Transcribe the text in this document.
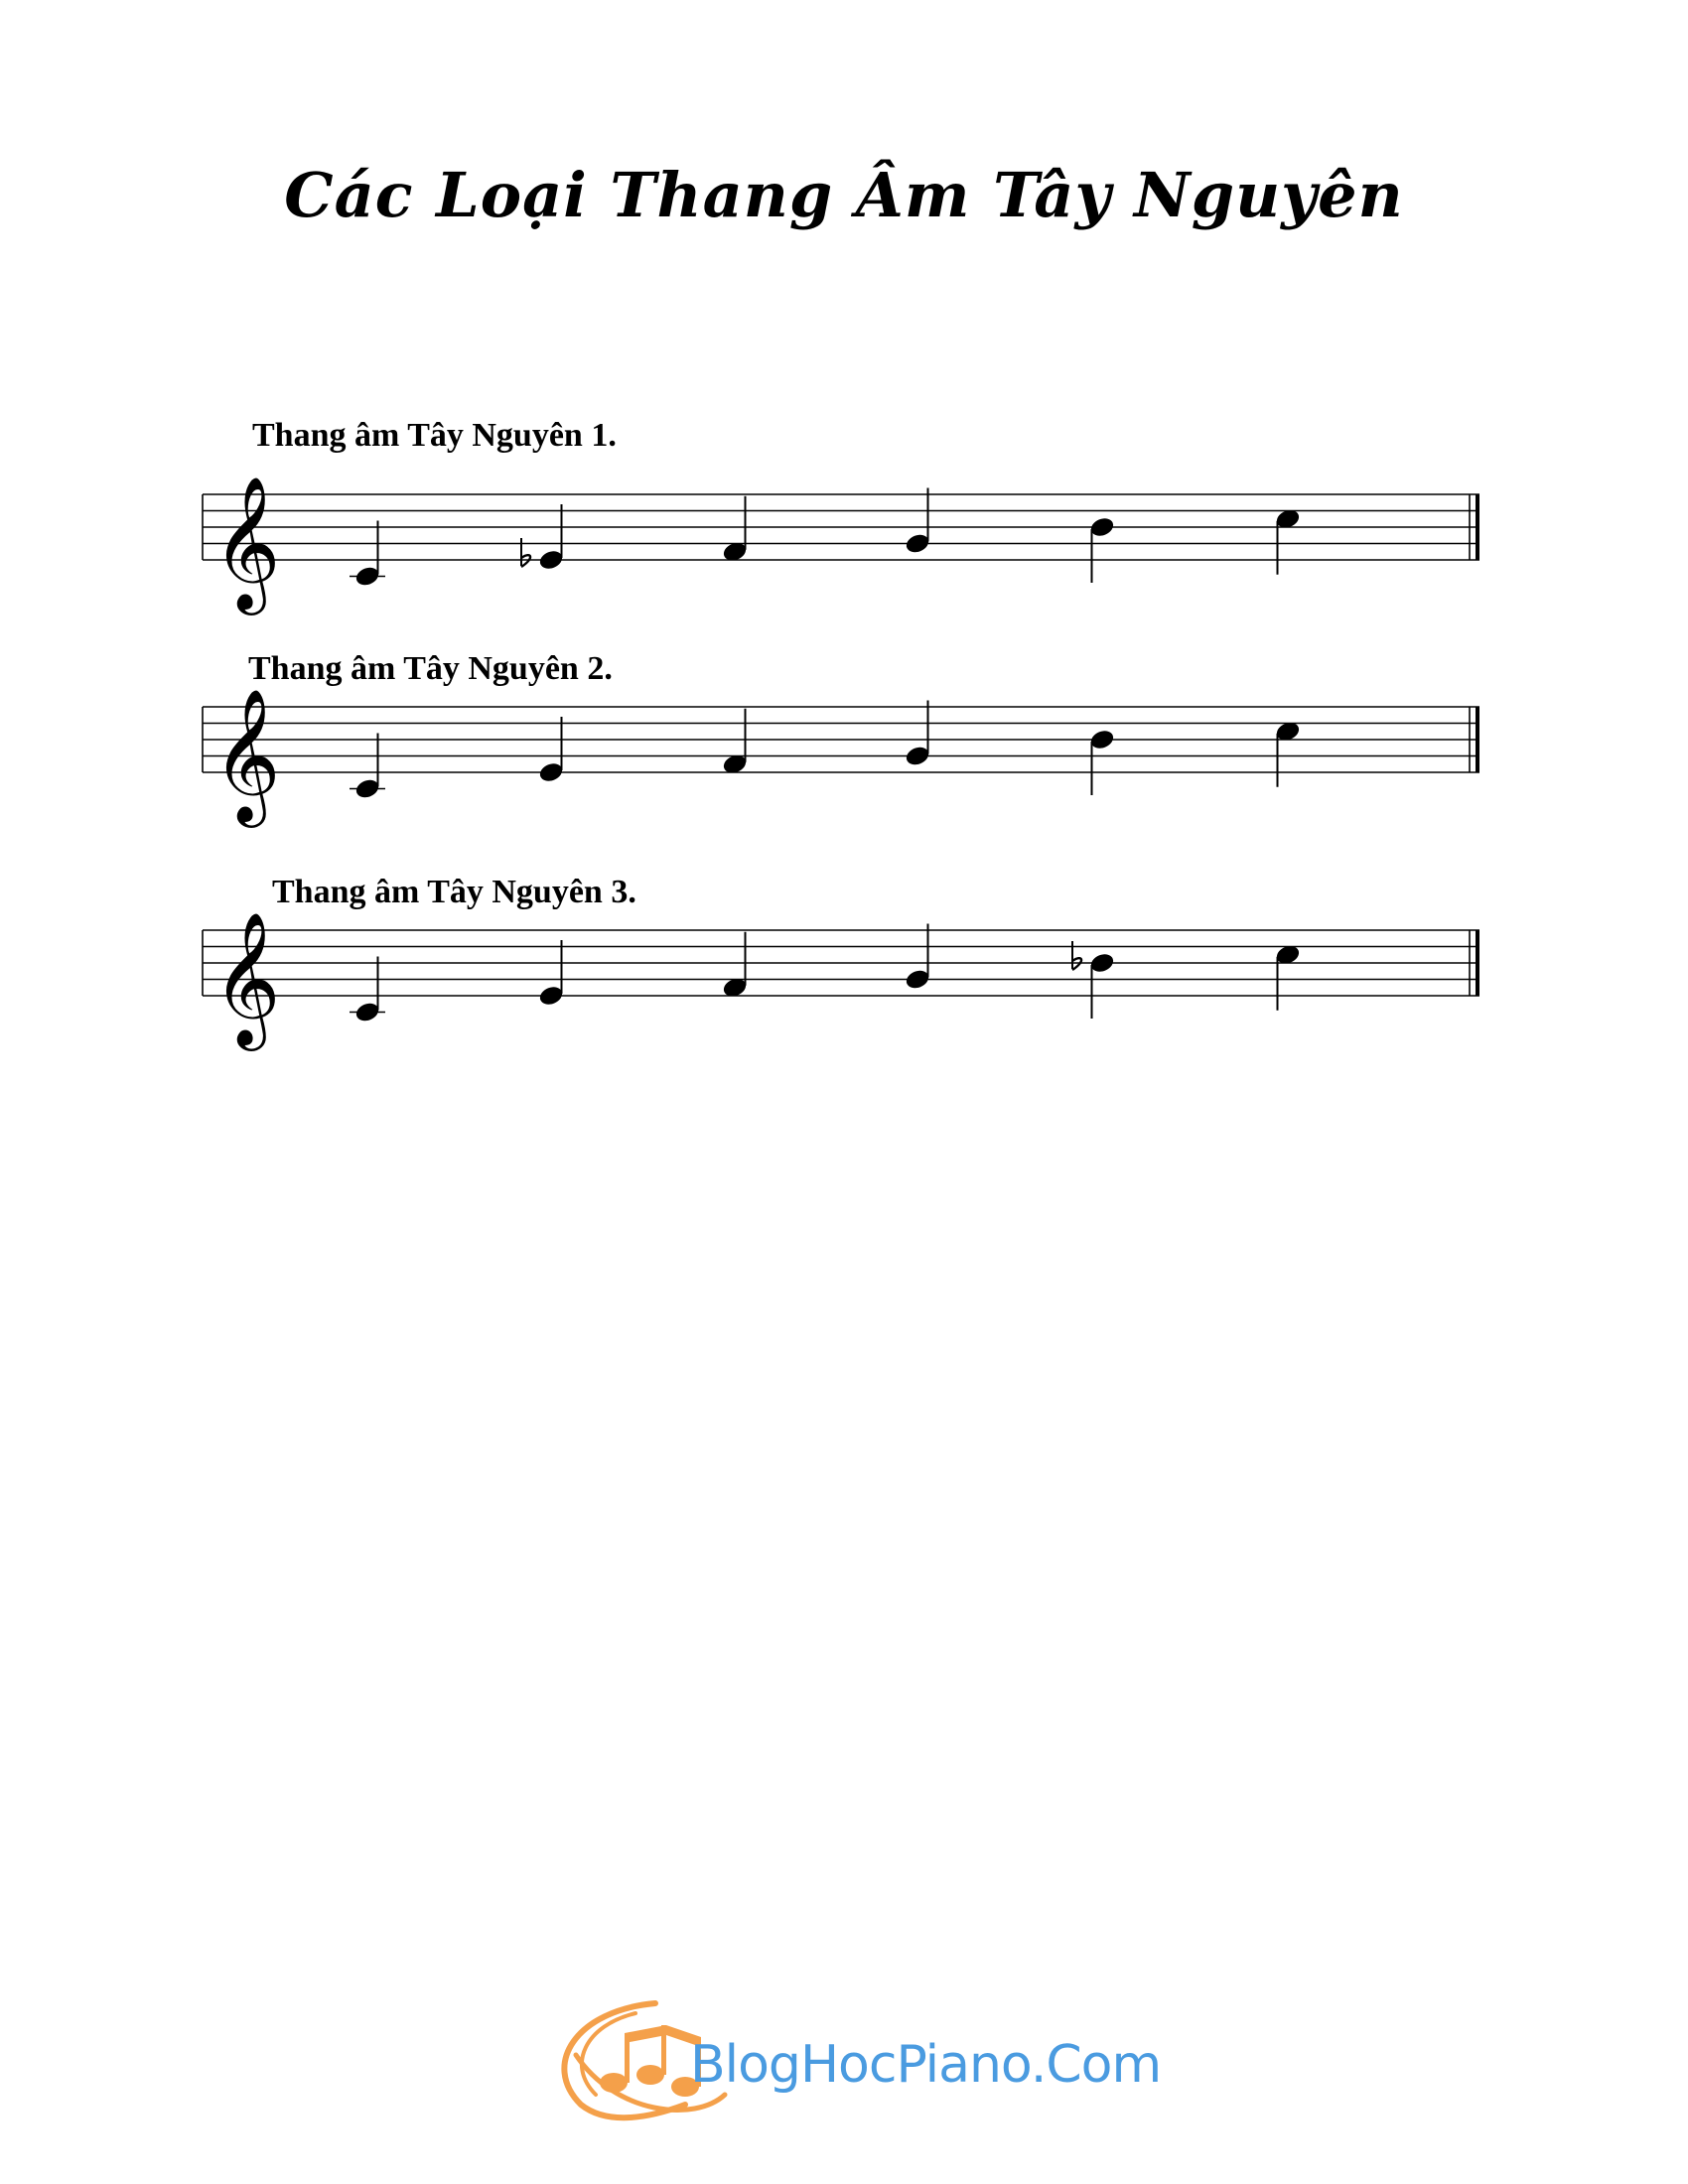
Các Loại Thang Âm Tây Nguyên
Thang âm Tây Nguyên 1.
Thang âm Tây Nguyên 2.
Thang âm Tây Nguyên 3.
𝄞
𝄞
𝄞
BlogHocPiano.Com
